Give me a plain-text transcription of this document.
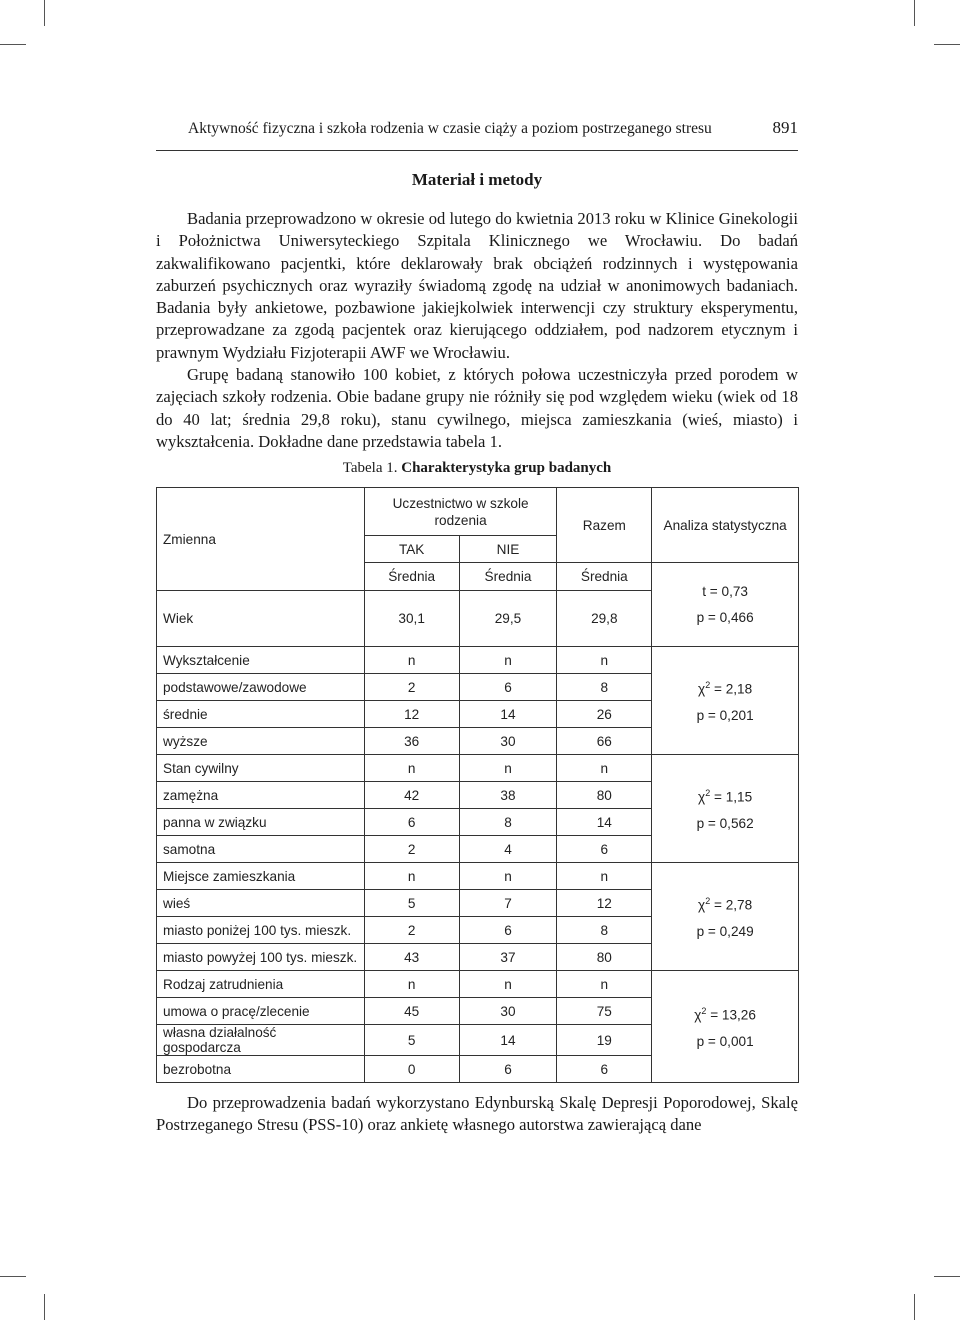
Aktywność fizyczna i szkoła rodzenia w czasie ciąży a poziom postrzeganego stresu	891
Materiał i metody

Badania przeprowadzono w okresie od lutego do kwietnia 2013 roku w Klinice Ginekologii i Położnictwa Uniwersyteckiego Szpitala Klinicznego we Wrocławiu. Do badań zakwalifikowano pacjentki, które deklarowały brak obciążeń rodzinnych i występowania zaburzeń psychicznych oraz wyraziły świadomą zgodę na udział w anonimowych badaniach. Badania były ankietowe, pozbawione jakiejkolwiek interwencji czy struktury eksperymentu, przeprowadzane za zgodą pacjentek oraz kierującego oddziałem, pod nadzorem etycznym i prawnym Wydziału Fizjoterapii AWF we Wrocławiu.

Grupę badaną stanowiło 100 kobiet, z których połowa uczestniczyła przed porodem w zajęciach szkoły rodzenia. Obie badane grupy nie różniły się pod względem wieku (wiek od 18 do 40 lat; średnia 29,8 roku), stanu cywilnego, miejsca zamieszkania (wieś, miasto) i wykształcenia. Dokładne dane przedstawia tabela 1.

Tabela 1. Charakterystyka grup badanych
Zmienna	Uczestnictwo w szkole rodzenia		Razem	Analiza statystyczna
	TAK	NIE		
	Średnia	Średnia	Średnia	t = 0,73
p = 0,466

Wiek	30,1	29,5	29,8	
Wykształcenie	n	n	n	$\chi^2 = 2,18$
p = 0,201

podstawowe/zawodowe	2	6	8	
średnie	12	14	26	
wyższe	36	30	66	
Stan cywilny	n	n	n	$\chi^2 = 1,15$
p = 0,562

zamężna	42	38	80	
panna w związku	6	8	14	
samotna	2	4	6	
Miejsce zamieszkania	n	n	n	$\chi^2 = 2,78$
p = 0,249

wieś	5	7	12	
miasto poniżej 100 tys. mieszk.	2	6	8	
miasto powyżej 100 tys. mieszk.	43	37	80	
Rodzaj zatrudnienia	n	n	n	$\chi^2 = 13,26$
p = 0,001

umowa o pracę/zlecenie	45	30	75	
własna działalność gospodarcza	5	14	19	
bezrobotna	0	6	6	

Do przeprowadzenia badań wykorzystano Edynburską Skalę Depresji Poporodowej, Skalę Postrzeganego Stresu (PSS-10) oraz ankietę własnego autorstwa zawierającą dane
